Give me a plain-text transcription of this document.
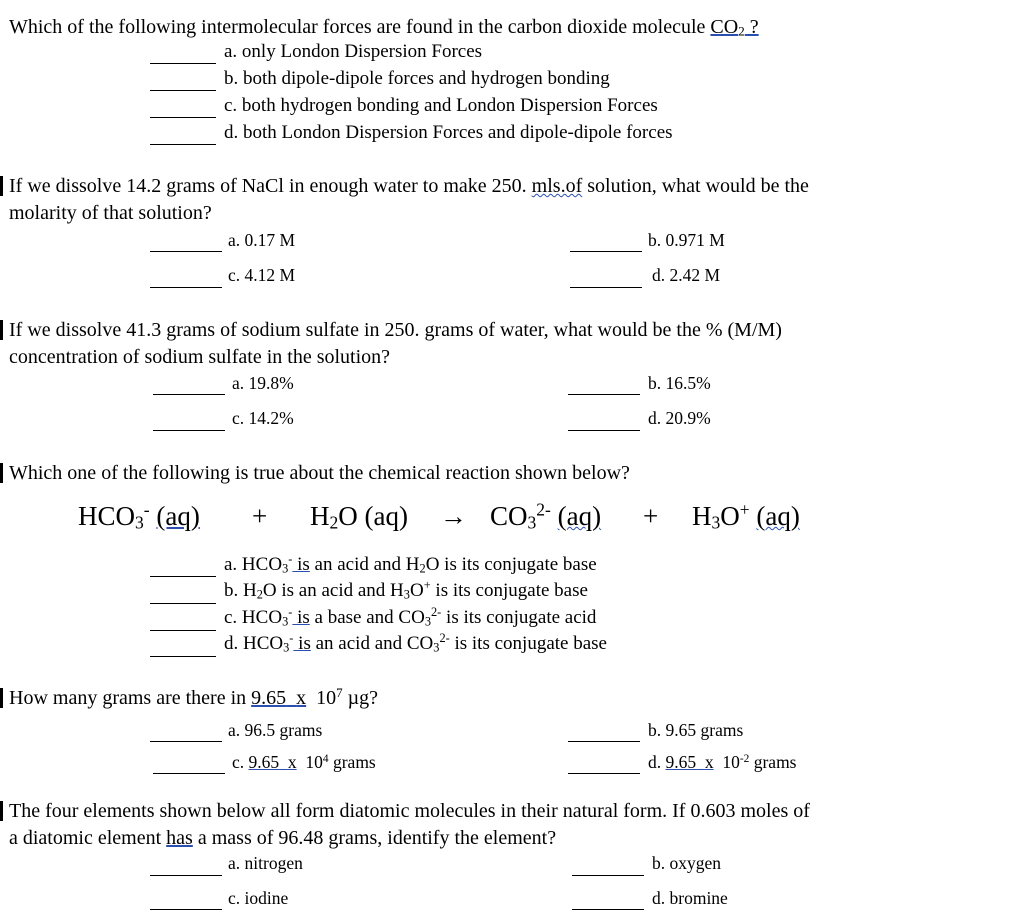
Which of the following intermolecular forces are found in the carbon dioxide molecule $CO_2$ ?
a. only London Dispersion Forces
b. both dipole-dipole forces and hydrogen bonding
c. both hydrogen bonding and London Dispersion Forces
d. both London Dispersion Forces and dipole-dipole forces
If we dissolve 14.2 grams of NaCl in enough water to make 250. mls.of solution, what would be the
molarity of that solution?
a. 0.17 M	b. 0.971 M
c. 4.12 M	d. 2.42 M
If we dissolve 41.3 grams of sodium sulfate in 250. grams of water, what would be the % (M/M)
concentration of sodium sulfate in the solution?
a. 19.8%	b. 16.5%
c. 14.2%	d. 20.9%
Which one of the following is true about the chemical reaction shown below?
$HCO_3^-$ (aq)	+ $H_2O$ $(aq) \to CO_3^{2-}$ $(aq) + H_3O^+$ (aq)
a. $HCO_3^-$ is an acid and $H_2O$ is its conjugate base
b. $H_2O$ is an acid and $H_3O^+$ is its conjugate base
c. $HCO_3^-$ is a base and $CO_3^{2-}$ is its conjugate acid
d. $HCO_3^-$ is an acid and $CO_3^{2-}$ is its conjugate base
How many grams are there in 9.65 x $10^7$ µg?
a. 96.5 grams	b. 9.65 grams
c. 9.65 x $10^4$ grams	d. 9.65 x $10^{-2}$ grams
The four elements shown below all form diatomic molecules in their natural form. If 0.603 moles of
a diatomic element has a mass of 96.48 grams, identify the element?
a. nitrogen	b. oxygen
c. iodine	d. bromine
